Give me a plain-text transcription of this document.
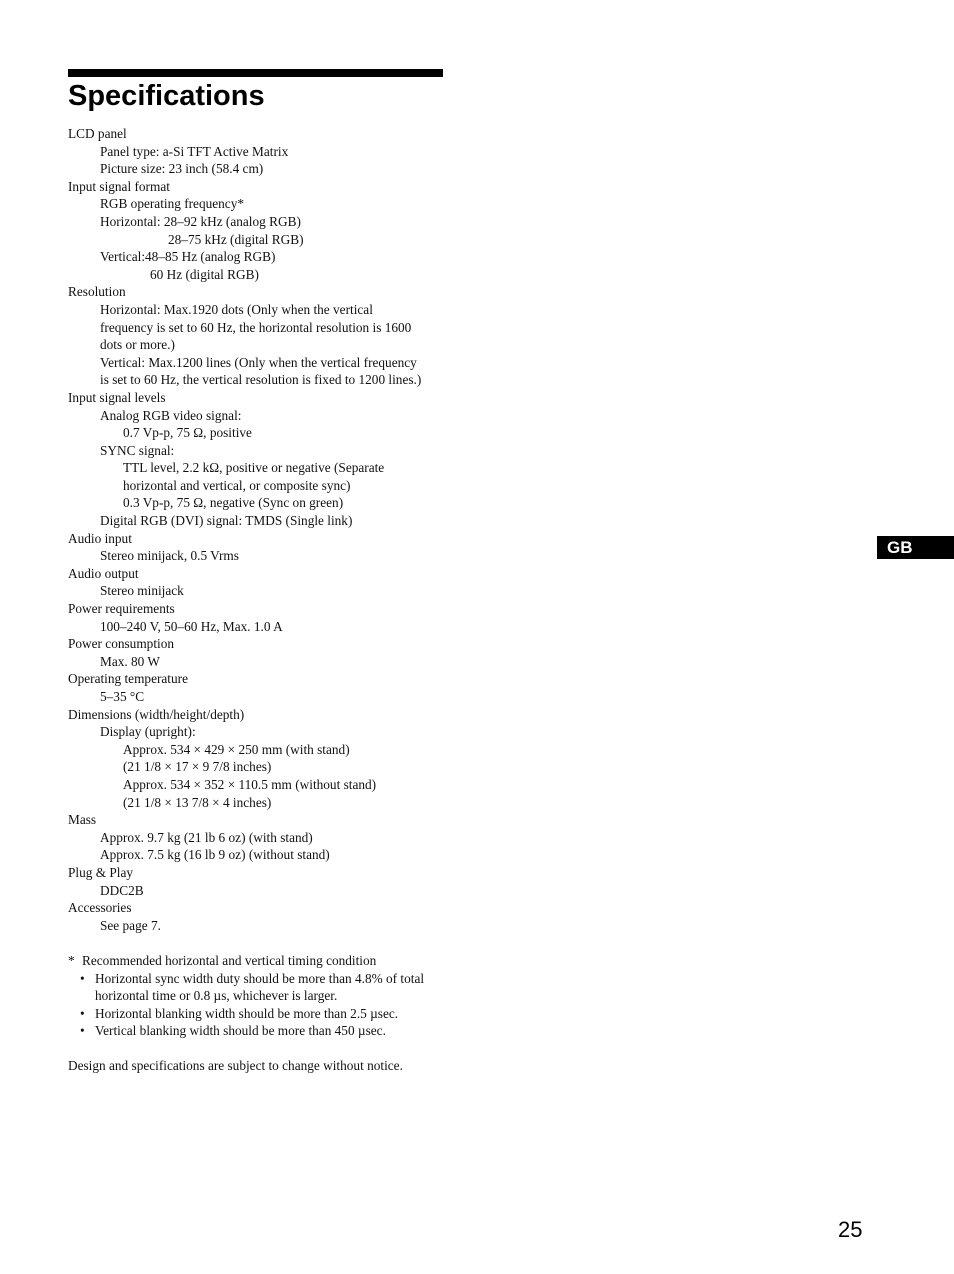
Specifications
LCD panel
Panel type: a-Si TFT Active Matrix
Picture size: 23 inch (58.4 cm)
Input signal format
RGB operating frequency*
Horizontal: 28–92 kHz (analog RGB)
28–75 kHz (digital RGB)
Vertical:48–85 Hz (analog RGB)
60 Hz (digital RGB)
Resolution
Horizontal: Max.1920 dots (Only when the vertical
frequency is set to 60 Hz, the horizontal resolution is 1600
dots or more.)
Vertical: Max.1200 lines (Only when the vertical frequency
is set to 60 Hz, the vertical resolution is fixed to 1200 lines.)
Input signal levels
Analog RGB video signal:
0.7 Vp-p, 75 Ω, positive
SYNC signal:
TTL level, 2.2 kΩ, positive or negative (Separate
horizontal and vertical, or composite sync)
0.3 Vp-p, 75 Ω, negative (Sync on green)
Digital RGB (DVI) signal: TMDS (Single link)
Audio input
Stereo minijack, 0.5 Vrms
Audio output
Stereo minijack
Power requirements
100–240 V, 50–60 Hz, Max. 1.0 A
Power consumption
Max. 80 W
Operating temperature
5–35 °C
Dimensions (width/height/depth)
Display (upright):
Approx. 534 × 429 × 250 mm (with stand)
(21 1/8 × 17 × 9 7/8 inches)
Approx. 534 × 352 × 110.5 mm (without stand)
(21 1/8 × 13 7/8 × 4 inches)
Mass
Approx. 9.7 kg (21 lb 6 oz) (with stand)
Approx. 7.5 kg (16 lb 9 oz) (without stand)
Plug & Play
DDC2B
Accessories
See page 7.
* Recommended horizontal and vertical timing condition
• Horizontal sync width duty should be more than 4.8% of total
horizontal time or 0.8 µs, whichever is larger.
• Horizontal blanking width should be more than 2.5 µsec.
• Vertical blanking width should be more than 450 µsec.
Design and specifications are subject to change without notice.
GB
25
